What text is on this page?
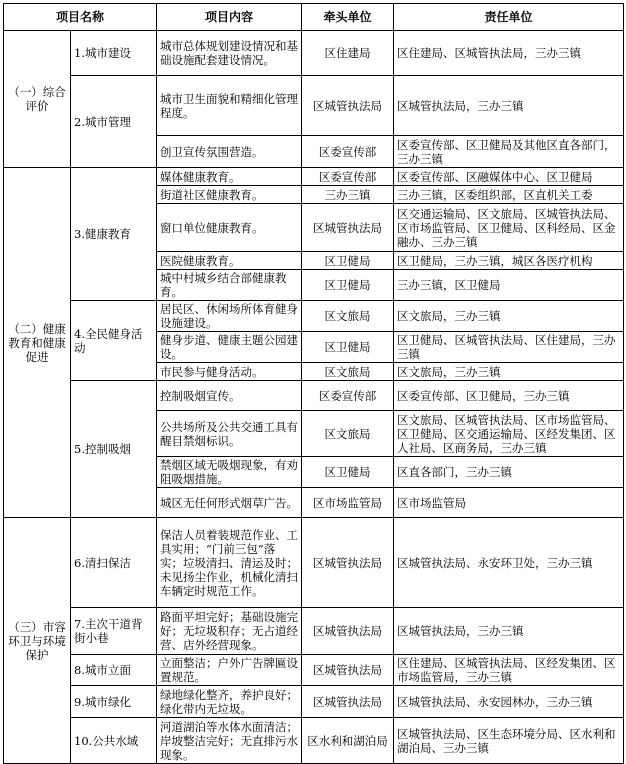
项目名称		项目内容	牵头单位	责任单位
（一）综合评价	1.城市建设	城市总体规划建设情况和基础设施配套建设情况。	区住建局	区住建局、区城管执法局，三办三镇
	2.城市管理	城市卫生面貌和精细化管理程度。	区城管执法局	区城管执法局，三办三镇
		创卫宣传氛围营造。	区委宣传部	区委宣传部、区卫健局及其他区直各部门，三办三镇
（二）健康教育和健康促进	3.健康教育	媒体健康教育。	区委宣传部	区委宣传部、区融媒体中心、区卫健局
		街道社区健康教育。	三办三镇	三办三镇，区委组织部，区直机关工委
		窗口单位健康教育。	区城管执法局	区交通运输局、区文旅局、区城管执法局、区市场监管局、区卫健局、区科经局、区金融办、三办三镇
		医院健康教育。	区卫健局	区卫健局，三办三镇，城区各医疗机构
		城中村城乡结合部健康教育。	区卫健局	三办三镇，区卫健局
	4.全民健身活动	居民区、休闲场所体育健身设施建设。	区文旅局	区文旅局，三办三镇
		健身步道、健康主题公园建设。	区卫健局	区卫健局、区城管执法局、区住建局，三办三镇
		市民参与健身活动。	区文旅局	区文旅局，三办三镇
	5.控制吸烟	控制吸烟宣传。	区委宣传部	区委宣传部、区卫健局，三办三镇
		公共场所及公共交通工具有醒目禁烟标识。	区文旅局	区文旅局、区城管执法局、区市场监管局、区卫健局、区交通运输局、区经发集团、区人社局、区商务局，三办三镇
		禁烟区域无吸烟现象，有劝阻吸烟措施。	区卫健局	区直各部门，三办三镇
		城区无任何形式烟草广告。	区市场监管局	区市场监管局
（三）市容环卫与环境保护	6.清扫保洁	保洁人员着装规范作业、工具实用；“门前三包”落实；垃圾清扫、清运及时；未见扬尘作业，机械化清扫车辆定时规范工作。	区城管执法局	区城管执法局、永安环卫处，三办三镇
	7.主次干道背街小巷	路面平坦完好；基础设施完好；无垃圾积存；无占道经营、店外经营现象。	区城管执法局	区城管执法局，三办三镇
	8.城市立面	立面整洁；户外广告牌匾设置规范。	区城管执法局	区住建局、区城管执法局、区经发集团、区市场监管局，三办三镇
	9.城市绿化	绿地绿化整齐，养护良好；绿化带内无垃圾。	区城管执法局	区城管执法局、永安园林办，三办三镇
	10.公共水域	河道湖泊等水体水面清洁；岸坡整洁完好；无直排污水现象。	区水利和湖泊局	区城管执法局、区生态环境分局、区水利和湖泊局、三办三镇
